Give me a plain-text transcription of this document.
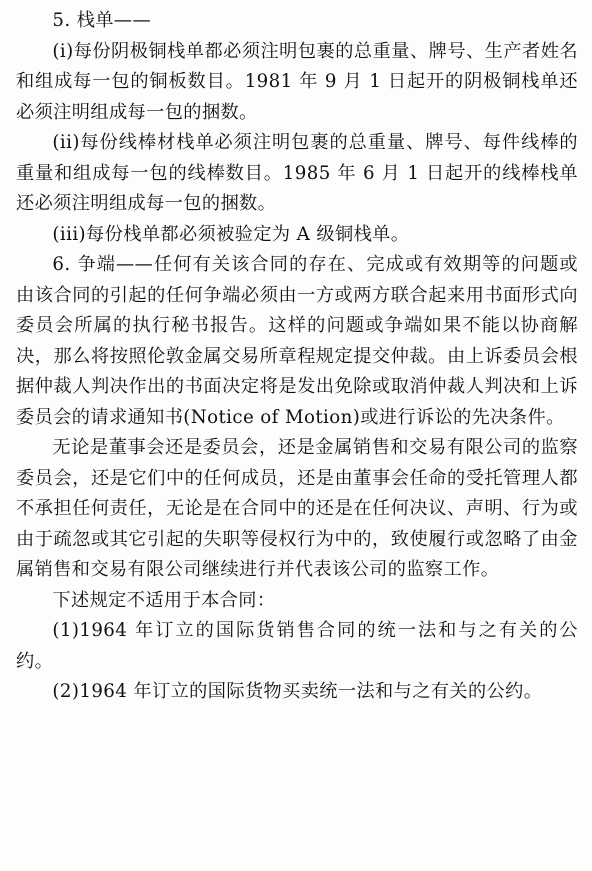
5. 栈单——

(i)每份阴极铜栈单都必须注明包裹的总重量、牌号、生产者姓名和组成每一包的铜板数目。1981 年 9 月 1 日起开的阴极铜栈单还必须注明组成每一包的捆数。

(ii)每份线棒材栈单必须注明包裹的总重量、牌号、每件线棒的重量和组成每一包的线棒数目。1985 年 6 月 1 日起开的线棒栈单还必须注明组成每一包的捆数。

(iii)每份栈单都必须被验定为 A 级铜栈单。

6. 争端——任何有关该合同的存在、完成或有效期等的问题或由该合同的引起的任何争端必须由一方或两方联合起来用书面形式向委员会所属的执行秘书报告。这样的问题或争端如果不能以协商解决，那么将按照伦敦金属交易所章程规定提交仲裁。由上诉委员会根据仲裁人判决作出的书面决定将是发出免除或取消仲裁人判决和上诉委员会的请求通知书(Notice of Motion)或进行诉讼的先决条件。

无论是董事会还是委员会，还是金属销售和交易有限公司的监察委员会，还是它们中的任何成员，还是由董事会任命的受托管理人都不承担任何责任，无论是在合同中的还是在任何决议、声明、行为或由于疏忽或其它引起的失职等侵权行为中的，致使履行或忽略了由金属销售和交易有限公司继续进行并代表该公司的监察工作。

下述规定不适用于本合同：

(1)1964 年订立的国际货销售合同的统一法和与之有关的公约。

(2)1964 年订立的国际货物买卖统一法和与之有关的公约。
